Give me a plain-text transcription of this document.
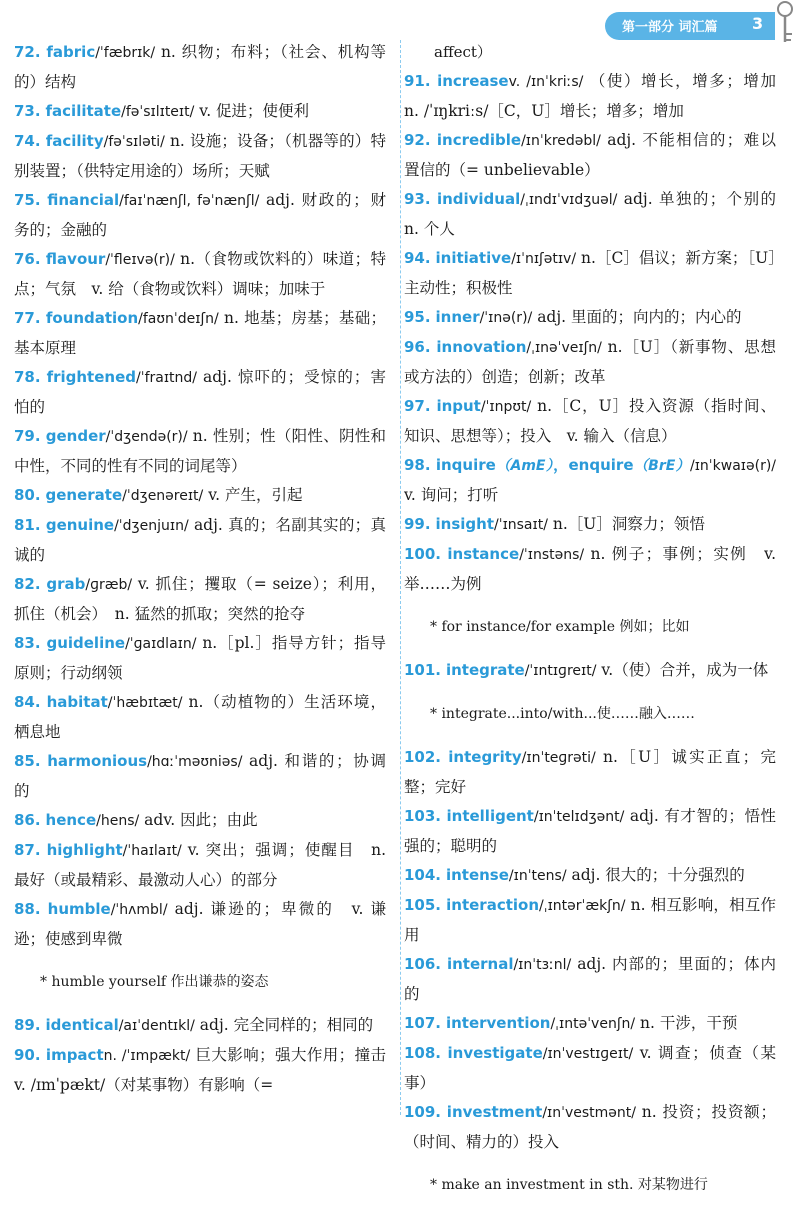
第一部分 词汇篇 3

72. fabric/ˈfæbrɪk/ n. 织物；布料；（社会、机构等的）结构

73. facilitate/fəˈsɪlɪteɪt/ v. 促进；使便利

74. facility/fəˈsɪləti/ n. 设施；设备；（机器等的）特别装置；（供特定用途的）场所；天赋

75. financial/faɪˈnænʃl, fəˈnænʃl/ adj. 财政的；财务的；金融的

76. flavour/ˈfleɪvə(r)/ n.（食物或饮料的）味道；特点；气氛　v. 给（食物或饮料）调味；加味于

77. foundation/faʊnˈdeɪʃn/ n. 地基；房基；基础；基本原理

78. frightened/ˈfraɪtnd/ adj. 惊吓的；受惊的；害怕的

79. gender/ˈdʒendə(r)/ n. 性别；性（阳性、阴性和中性，不同的性有不同的词尾等）

80. generate/ˈdʒenəreɪt/ v. 产生，引起

81. genuine/ˈdʒenjuɪn/ adj. 真的；名副其实的；真诚的

82. grab/ɡræb/ v. 抓住；攫取（= seize）；利用，抓住（机会）　n. 猛然的抓取；突然的抢夺

83. guideline/ˈɡaɪdlaɪn/ n.［pl.］指导方针；指导原则；行动纲领

84. habitat/ˈhæbɪtæt/ n.（动植物的）生活环境，栖息地

85. harmonious/hɑːˈməʊniəs/ adj. 和谐的；协调的

86. hence/hens/ adv. 因此；由此

87. highlight/ˈhaɪlaɪt/ v. 突出；强调；使醒目　n. 最好（或最精彩、最激动人心）的部分

88. humble/ˈhʌmbl/ adj. 谦逊的；卑微的　v. 谦逊；使感到卑微

* humble yourself 作出谦恭的姿态

89. identical/aɪˈdentɪkl/ adj. 完全同样的；相同的

90. impactn. /ˈɪmpækt/ 巨大影响；强大作用；撞击　v. /ɪmˈpækt/（对某事物）有影响（=

affect）

91. increasev. /ɪnˈkriːs/ （使）增长，增多；增加　n. /ˈɪŋkriːs/［C，U］增长；增多；增加

92. incredible/ɪnˈkredəbl/ adj. 不能相信的；难以置信的（= unbelievable）

93. individual/ˌɪndɪˈvɪdʒuəl/ adj. 单独的；个别的　n. 个人

94. initiative/ɪˈnɪʃətɪv/ n.［C］倡议；新方案；［U］主动性；积极性

95. inner/ˈɪnə(r)/ adj. 里面的；向内的；内心的

96. innovation/ˌɪnəˈveɪʃn/ n.［U］（新事物、思想或方法的）创造；创新；改革

97. input/ˈɪnpʊt/ n.［C，U］投入资源（指时间、知识、思想等）；投入　v. 输入（信息）

98. inquire（AmE），enquire（BrE）/ɪnˈkwaɪə(r)/ v. 询问；打听

99. insight/ˈɪnsaɪt/ n.［U］洞察力；领悟

100. instance/ˈɪnstəns/ n. 例子；事例；实例　v. 举……为例

* for instance/for example 例如；比如

101. integrate/ˈɪntɪɡreɪt/ v.（使）合并，成为一体

* integrate...into/with...使……融入……

102. integrity/ɪnˈteɡrəti/ n.［U］诚实正直；完整；完好

103. intelligent/ɪnˈtelɪdʒənt/ adj. 有才智的；悟性强的；聪明的

104. intense/ɪnˈtens/ adj. 很大的；十分强烈的

105. interaction/ˌɪntərˈækʃn/ n. 相互影响，相互作用

106. internal/ɪnˈtɜːnl/ adj. 内部的；里面的；体内的

107. intervention/ˌɪntəˈvenʃn/ n. 干涉，干预

108. investigate/ɪnˈvestɪɡeɪt/ v. 调查；侦查（某事）

109. investment/ɪnˈvestmənt/ n. 投资；投资额；（时间、精力的）投入

* make an investment in sth. 对某物进行
